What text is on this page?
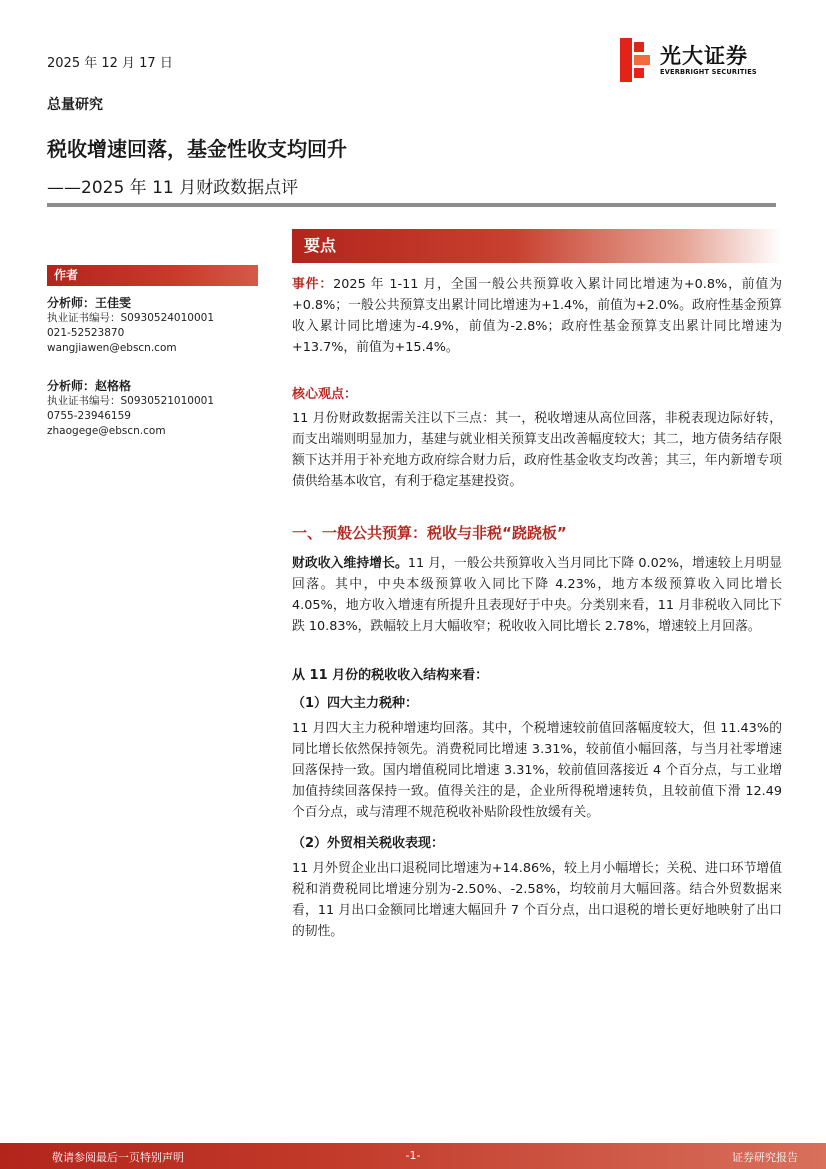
2025 年 12 月 17 日	光大证券
EVERBRIGHT SECURITIES
总量研究
税收增速回落，基金性收支均回升
——2025 年 11 月财政数据点评
作者
分析师：王佳雯
执业证书编号：S0930524010001
021-52523870
wangjiawen@ebscn.com
分析师：赵格格
执业证书编号：S0930521010001
0755-23946159
zhaogege@ebscn.com
要点
事件：2025 年 1-11 月，全国一般公共预算收入累计同比增速为+0.8%，前值为+0.8%；一般公共预算支出累计同比增速为+1.4%，前值为+2.0%。政府性基金预算收入累计同比增速为-4.9%，前值为-2.8%；政府性基金预算支出累计同比增速为+13.7%，前值为+15.4%。
核心观点：
11 月份财政数据需关注以下三点：其一，税收增速从高位回落，非税表现边际好转，而支出端则明显加力，基建与就业相关预算支出改善幅度较大；其二，地方债务结存限额下达并用于补充地方政府综合财力后，政府性基金收支均改善；其三，年内新增专项债供给基本收官，有利于稳定基建投资。
一、一般公共预算：税收与非税“跷跷板”
财政收入维持增长。11 月，一般公共预算收入当月同比下降 0.02%，增速较上月明显回落。其中，中央本级预算收入同比下降 4.23%，地方本级预算收入同比增长 4.05%，地方收入增速有所提升且表现好于中央。分类别来看，11 月非税收入同比下跌 10.83%，跌幅较上月大幅收窄；税收收入同比增长 2.78%，增速较上月回落。
从 11 月份的税收收入结构来看：
（1）四大主力税种：
11 月四大主力税种增速均回落。其中，个税增速较前值回落幅度较大，但 11.43%的同比增长依然保持领先。消费税同比增速 3.31%，较前值小幅回落，与当月社零增速回落保持一致。国内增值税同比增速 3.31%，较前值回落接近 4 个百分点，与工业增加值持续回落保持一致。值得关注的是，企业所得税增速转负，且较前值下滑 12.49 个百分点，或与清理不规范税收补贴阶段性放缓有关。
（2）外贸相关税收表现：
11 月外贸企业出口退税同比增速为+14.86%，较上月小幅增长；关税、进口环节增值税和消费税同比增速分别为-2.50%、-2.58%，均较前月大幅回落。结合外贸数据来看，11 月出口金额同比增速大幅回升 7 个百分点，出口退税的增长更好地映射了出口的韧性。
-1-
敬请参阅最后一页特别声明	证券研究报告
